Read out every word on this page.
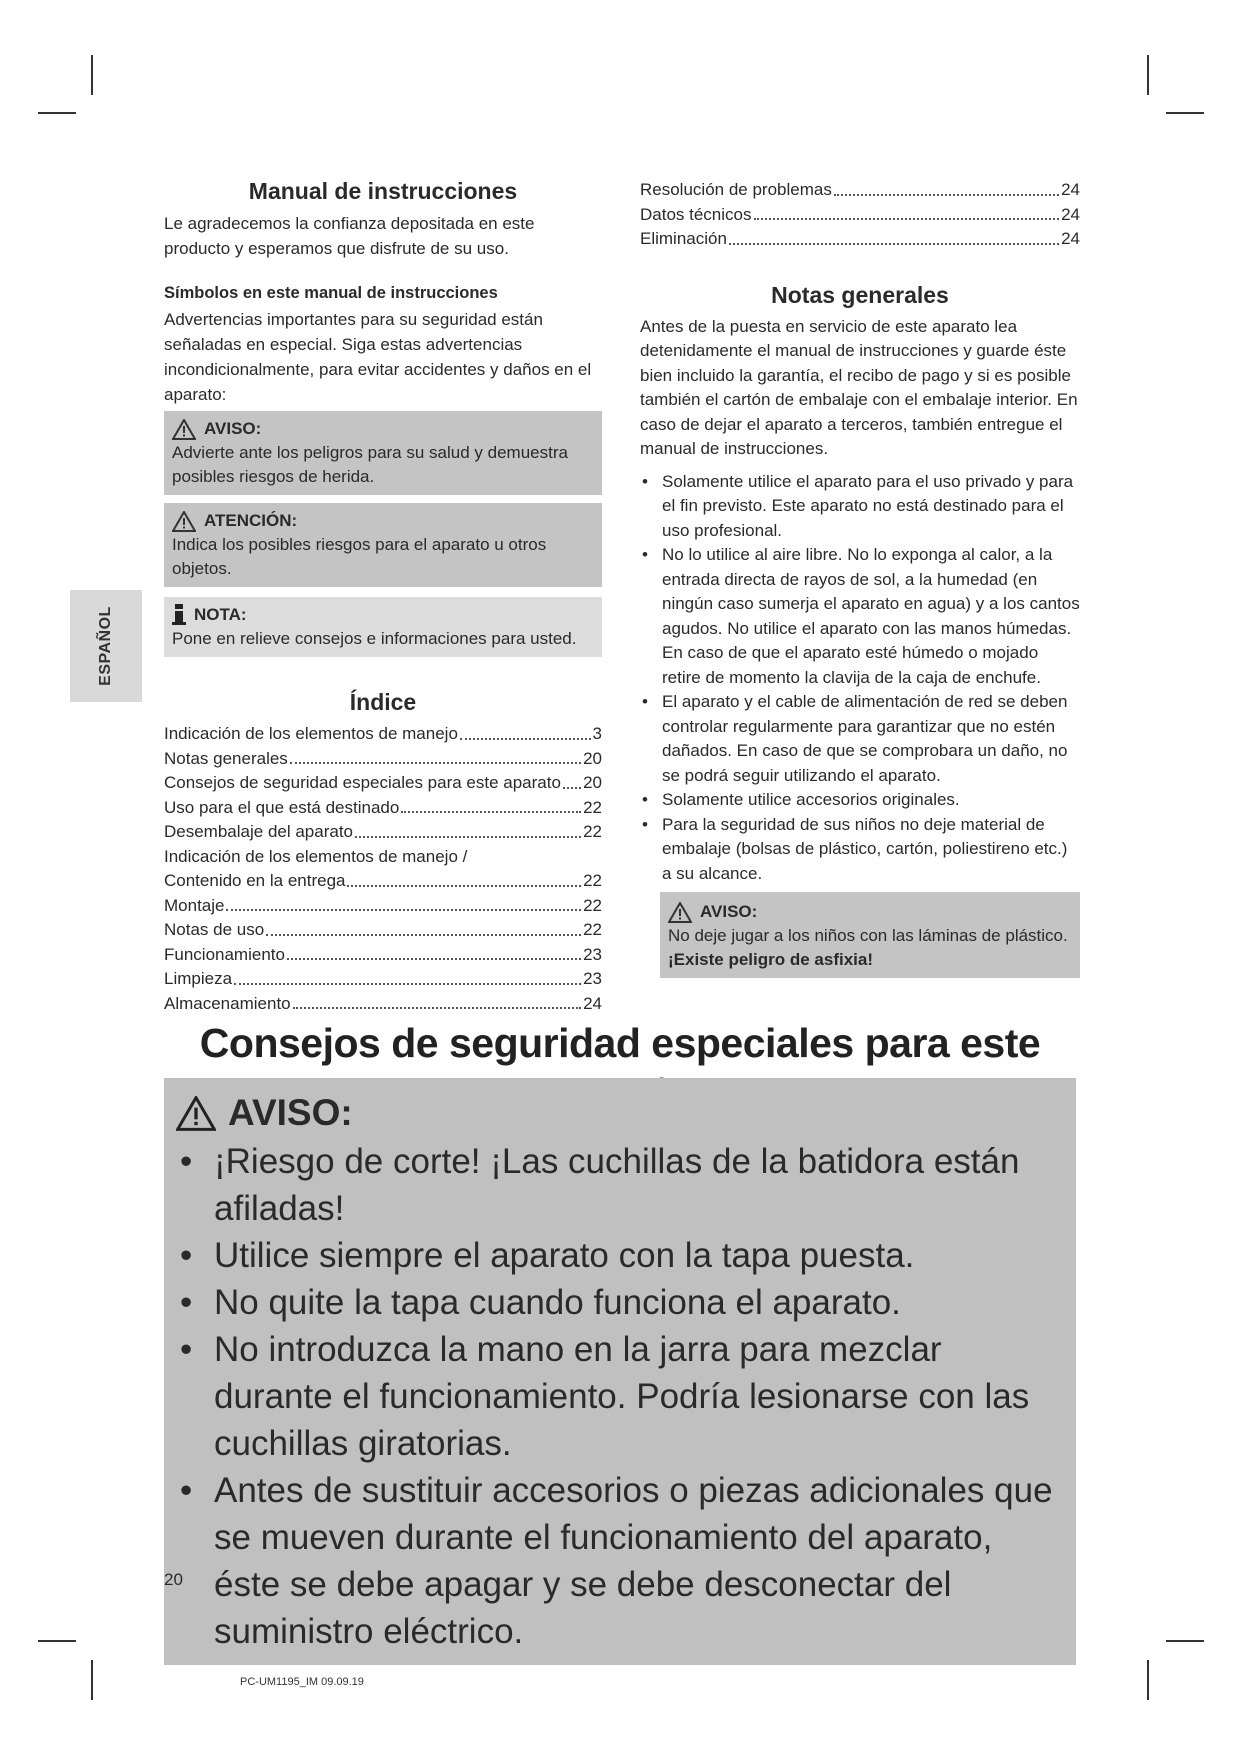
ESPAÑOL
Manual de instrucciones

Le agradecemos la confianza depositada en este producto y esperamos que disfrute de su uso.

Símbolos en este manual de instrucciones

Advertencias importantes para su seguridad están señaladas en especial. Siga estas advertencias incondicionalmente, para evitar accidentes y daños en el aparato:

AVISO:
Advierte ante los peligros para su salud y demuestra posibles riesgos de herida.
ATENCIÓN:
Indica los posibles riesgos para el aparato u otros objetos.
NOTA:
Pone en relieve consejos e informaciones para usted.
Índice
Indicación de los elementos de manejo	3
Notas generales	20
Consejos de seguridad especiales para este aparato 20
Uso para el que está destinado	22
Desembalaje del aparato	22
Indicación de los elementos de manejo /
Contenido en la entrega	22
Montaje	22
Notas de uso	22
Funcionamiento	23
Limpieza	23
Almacenamiento	24
Resolución de problemas	24
Datos técnicos	24
Eliminación	24
Notas generales

Antes de la puesta en servicio de este aparato lea detenidamente el manual de instrucciones y guarde éste bien incluido la garantía, el recibo de pago y si es posible también el cartón de embalaje con el embalaje interior. En caso de dejar el aparato a terceros, también entregue el manual de instrucciones.

• Solamente utilice el aparato para el uso privado y para el fin previsto. Este aparato no está destinado para el uso profesional.
• No lo utilice al aire libre. No lo exponga al calor, a la entrada directa de rayos de sol, a la humedad (en ningún caso sumerja el aparato en agua) y a los cantos agudos. No utilice el aparato con las manos húmedas. En caso de que el aparato esté húmedo o mojado retire de momento la clavija de la caja de enchufe.
• El aparato y el cable de alimentación de red se deben controlar regularmente para garantizar que no estén dañados. En caso de que se comprobara un daño, no se podrá seguir utilizando el aparato.
• Solamente utilice accesorios originales.
• Para la seguridad de sus niños no deje material de embalaje (bolsas de plástico, cartón, poliestireno etc.) a su alcance.
AVISO:
No deje jugar a los niños con las láminas de plástico.
¡Existe peligro de asfixia!
Consejos de seguridad especiales para este
AVISO:
• ¡Riesgo de corte! ¡Las cuchillas de la batidora están afiladas!
• Utilice siempre el aparato con la tapa puesta.
• No quite la tapa cuando funciona el aparato.
• No introduzca la mano en la jarra para mezclar durante el funcionamiento. Podría lesionarse con las cuchillas giratorias.
• Antes de sustituir accesorios o piezas adicionales que se mueven durante el funcionamiento del aparato, éste se debe apagar y se debe desconectar del suministro eléctrico.
20
PC-UM1195_IM 09.09.19
